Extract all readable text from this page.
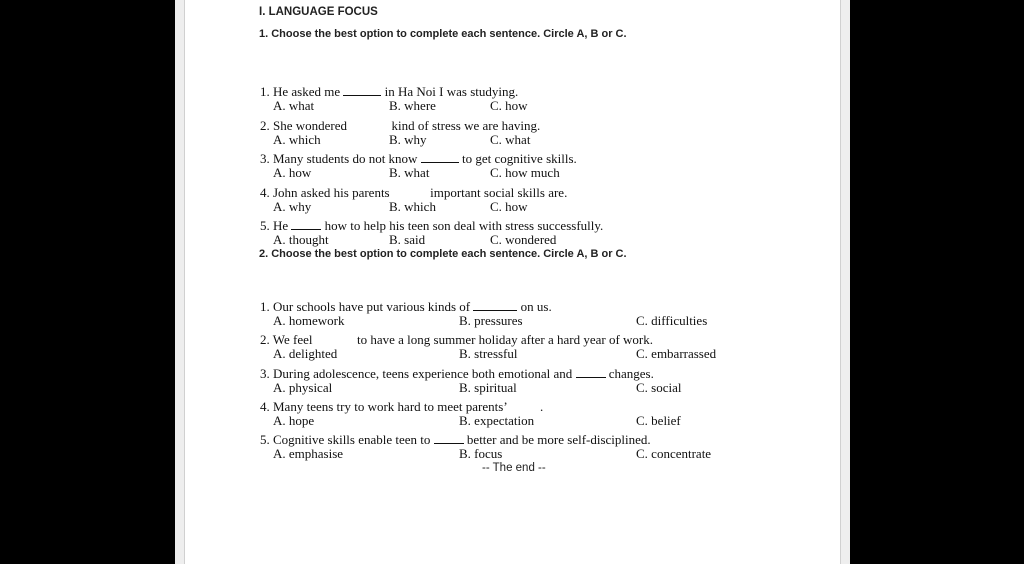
I. LANGUAGE FOCUS
1. Choose the best option to complete each sentence. Circle A, B or C.
1. He asked me	in Ha Noi I was studying.
A. what	B. where	C. how
2. She wondered	kind of stress we are having.
A. which	B. why	C. what
3. Many students do not know	to get cognitive skills.
A. how	B. what	C. how much
4. John asked his parents	important social skills are.
A. why	B. which	C. how
5. He	how to help his teen son deal with stress successfully.
A. thought	B. said	C. wondered
2. Choose the best option to complete each sentence. Circle A, B or C.
1. Our schools have put various kinds of	on us.
A. homework	B. pressures	C. difficulties
2. We feel	to have a long summer holiday after a hard year of work.
A. delighted	B. stressful	C. embarrassed
3. During adolescence, teens experience both emotional and	changes.
A. physical	B. spiritual	C. social
4. Many teens try to work hard to meet parents’	.
A. hope	B. expectation	C. belief
5. Cognitive skills enable teen to	better and be more self-disciplined.
A. emphasise	B. focus	C. concentrate
-- The end --
